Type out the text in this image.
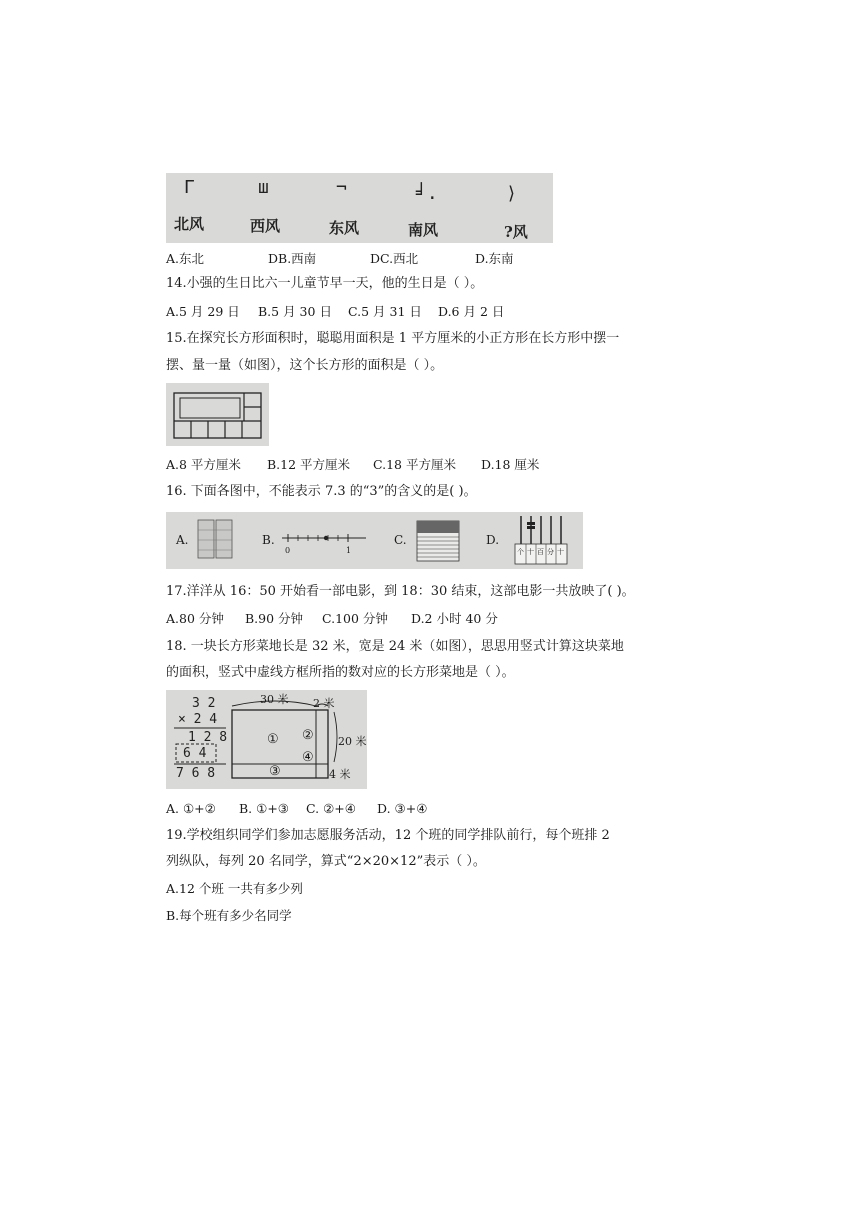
ᒥ	ш	¬	╛.	⟩
北风	西风	东风	南风	?风
A.东北	DB.西南	DC.西北	D.东南
14.小强的生日比六一儿童节早一天，他的生日是（ ）。
A.5 月 29 日 B.5 月 30 日 C.5 月 31 日 D.6 月 2 日
15.在探究长方形面积时，聪聪用面积是 1 平方厘米的小正方形在长方形中摆一
摆、量一量（如图），这个长方形的面积是（ ）。
A.8 平方厘米 B.12 平方厘米 C.18 平方厘米 D.18 厘米
16. 下面各图中，不能表示 7.3 的“3”的含义的是( )。
A.	B.
0	1
C.	D.
个 十 百 分 十
17.洋洋从 16：50 开始看一部电影，到 18：30 结束，这部电影一共放映了( )。
A.80 分钟 B.90 分钟 C.100 分钟 D.2 小时 40 分
18. 一块长方形菜地长是 32 米，宽是 24 米（如图），思思用竖式计算这块菜地
的面积，竖式中虚线方框所指的数对应的长方形菜地是（ ）。
3 2
× 2 4
1 2 8
6 4
7 6 8
30 米 2 米
20 米
4 米
① ②
③
④
A. ①+② B. ①+③ C. ②+④ D. ③+④
19.学校组织同学们参加志愿服务活动，12 个班的同学排队前行，每个班排 2
列纵队，每列 20 名同学，算式“2×20×12”表示（ ）。
A.12 个班 一共有多少列
B.每个班有多少名同学
